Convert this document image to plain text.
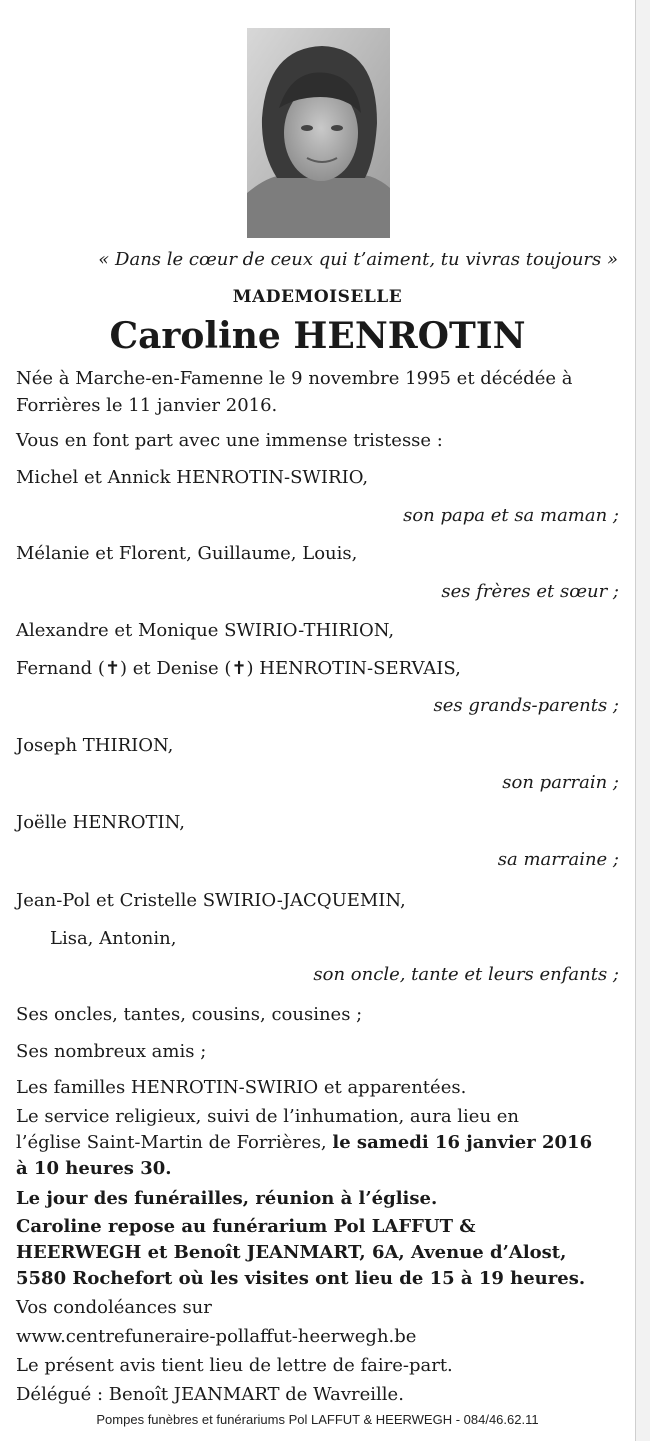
« Dans le cœur de ceux qui t’aiment, tu vivras toujours »
MADEMOISELLE
Caroline HENROTIN
Née à Marche-en-Famenne le 9 novembre 1995 et décédée à
Forrières le 11 janvier 2016.
Vous en font part avec une immense tristesse :
Michel et Annick HENROTIN-SWIRIO,
son papa et sa maman ;
Mélanie et Florent, Guillaume, Louis,
ses frères et sœur ;
Alexandre et Monique SWIRIO-THIRION,
Fernand (✝) et Denise (✝) HENROTIN-SERVAIS,
ses grands-parents ;
Joseph THIRION,
son parrain ;
Joëlle HENROTIN,
sa marraine ;
Jean-Pol et Cristelle SWIRIO-JACQUEMIN,
Lisa, Antonin,
son oncle, tante et leurs enfants ;
Ses oncles, tantes, cousins, cousines ;
Ses nombreux amis ;
Les familles HENROTIN-SWIRIO et apparentées.
Le service religieux, suivi de l’inhumation, aura lieu en
l’église Saint-Martin de Forrières, le samedi 16 janvier 2016
à 10 heures 30.
Le jour des funérailles, réunion à l’église.
Caroline repose au funérarium Pol LAFFUT &
HEERWEGH et Benoît JEANMART, 6A, Avenue d’Alost,
5580 Rochefort où les visites ont lieu de 15 à 19 heures.
Vos condoléances sur
www.centrefuneraire-pollaffut-heerwegh.be
Le présent avis tient lieu de lettre de faire-part.
Délégué : Benoît JEANMART de Wavreille.
Pompes funèbres et funérariums Pol LAFFUT & HEERWEGH - 084/46.62.11
